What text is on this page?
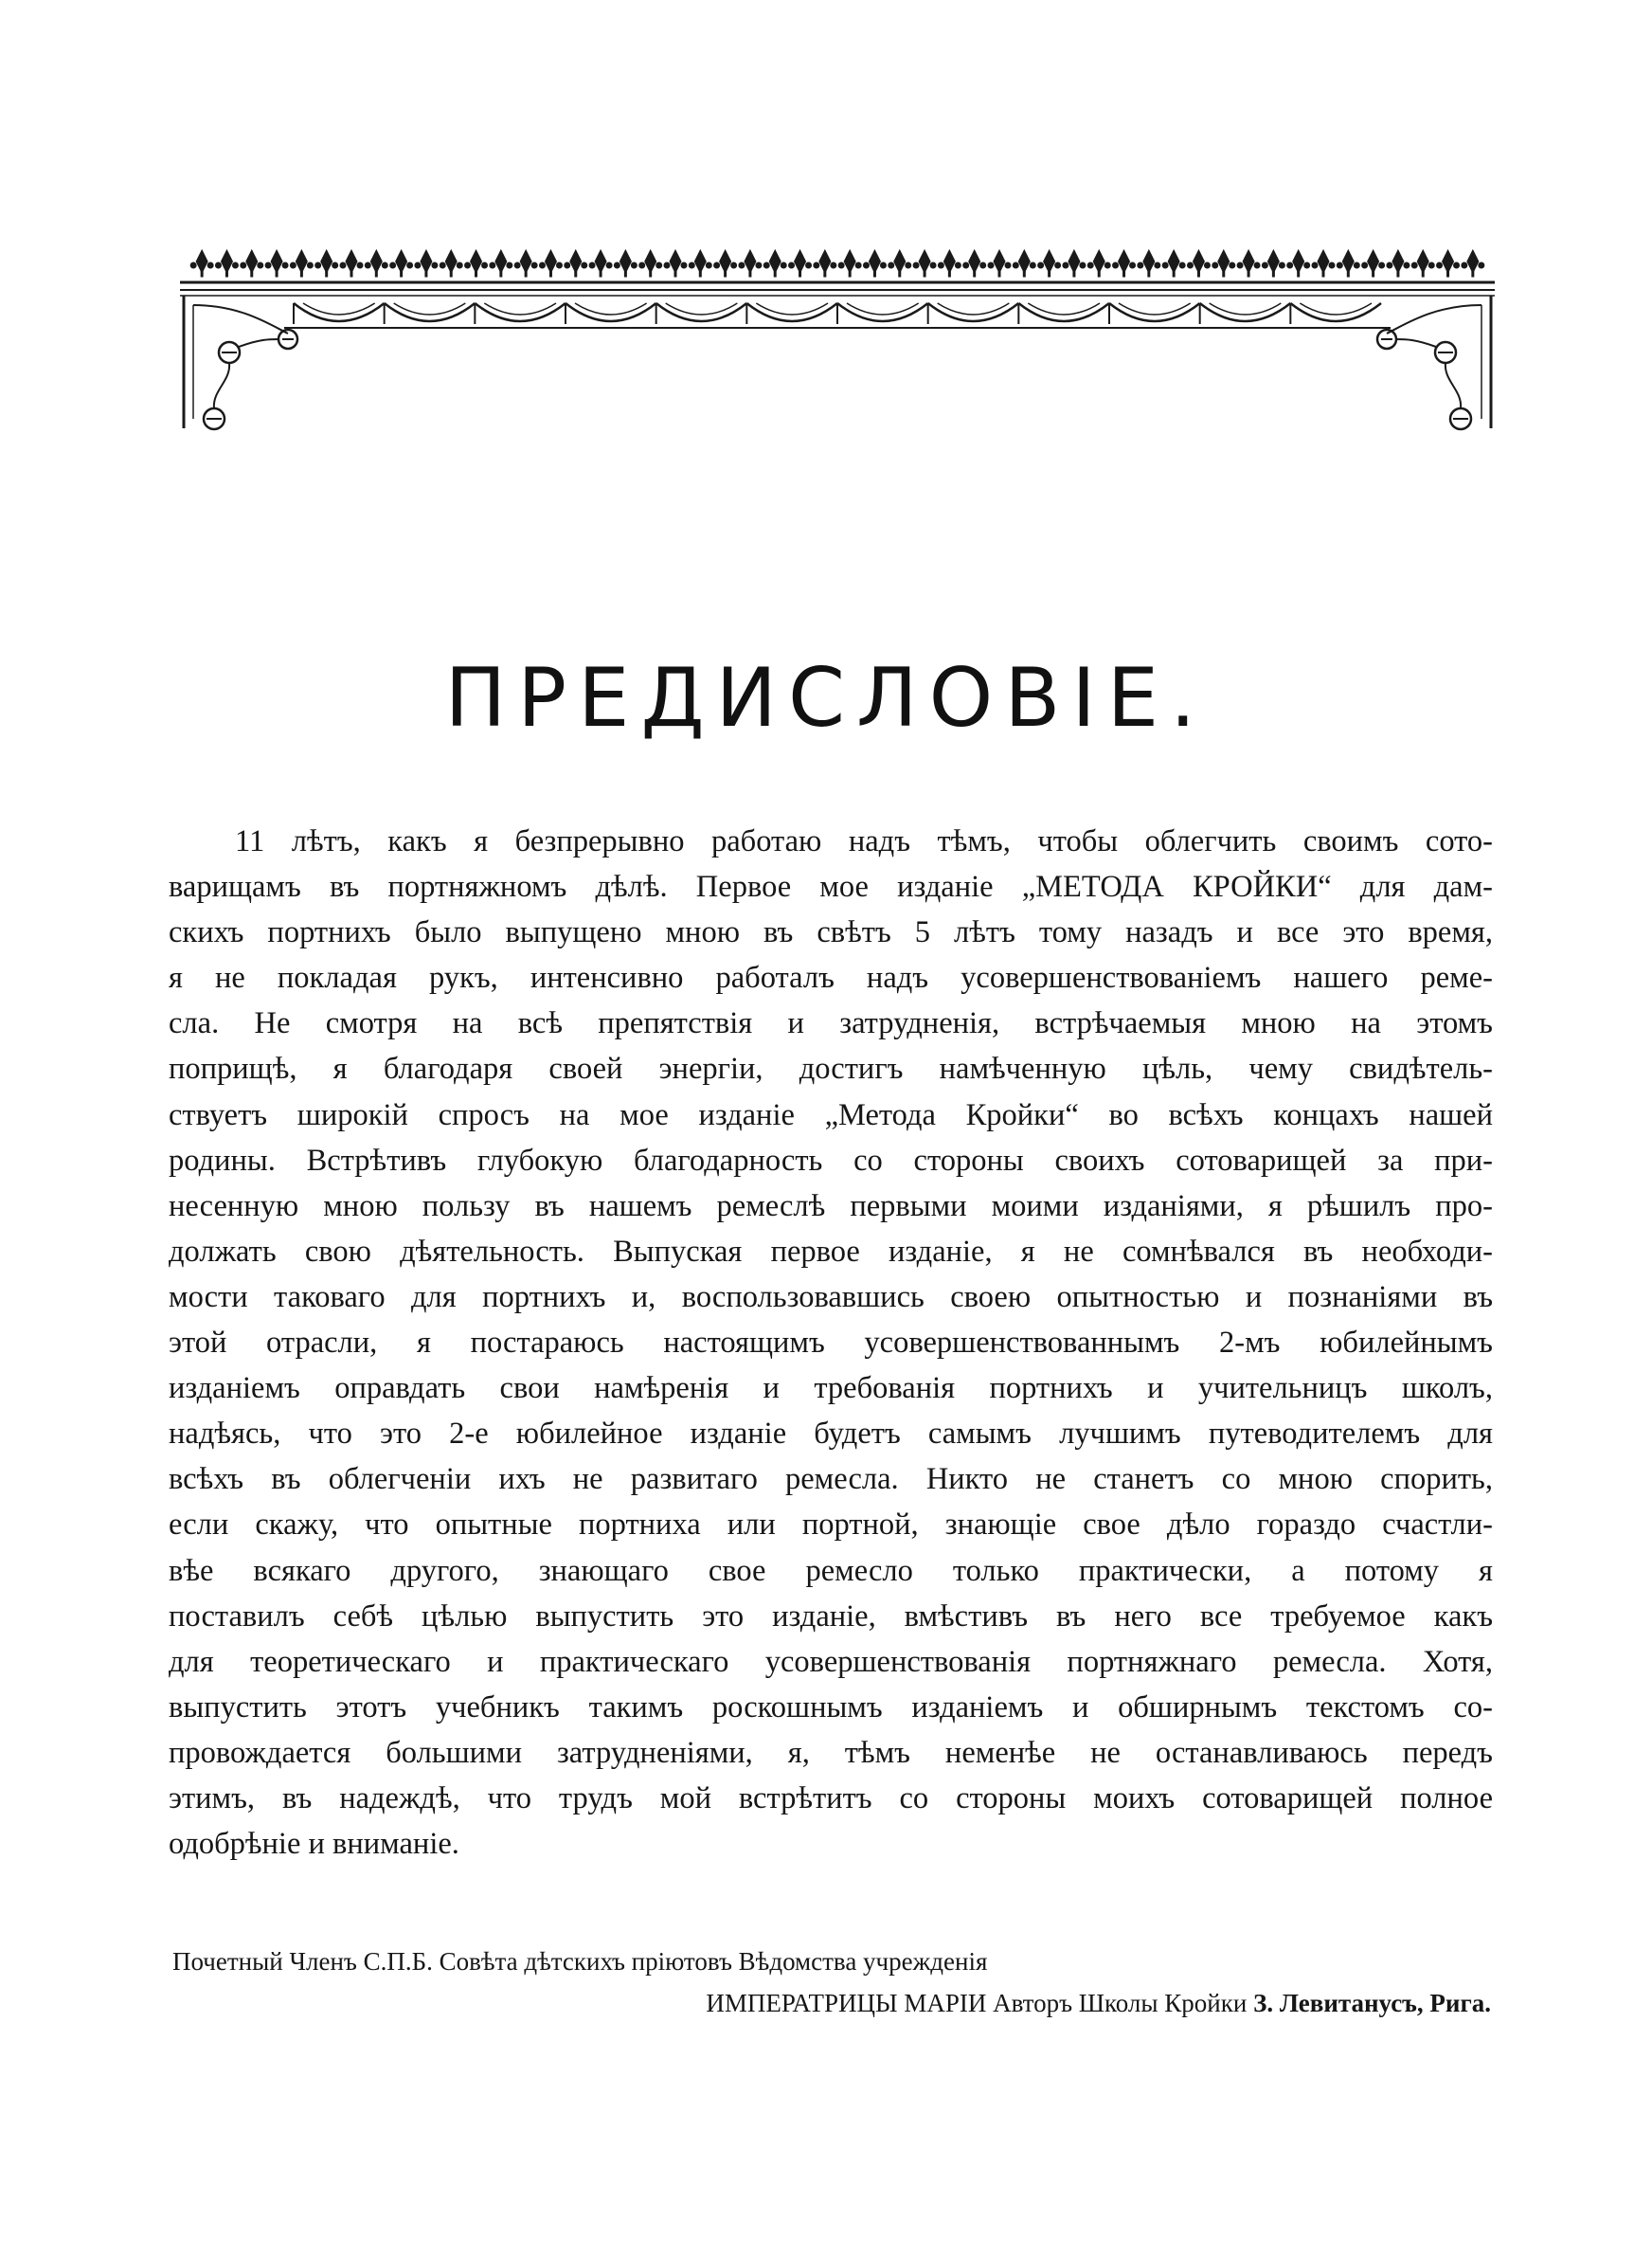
ПРЕДИСЛОВІЕ.
11 лѣтъ, какъ я безпрерывно работаю надъ тѣмъ, чтобы облегчить своимъ сото-
варищамъ въ портняжномъ дѣлѣ. Первое мое изданіе „МЕТОДА КРОЙКИ“ для дам-
скихъ портнихъ было выпущено мною въ свѣтъ 5 лѣтъ тому назадъ и все это время,
я не покладая рукъ, интенсивно работалъ надъ усовершенствованіемъ нашего реме-
сла. Не смотря на всѣ препятствія и затрудненія, встрѣчаемыя мною на этомъ
поприщѣ, я благодаря своей энергіи, достигъ намѣченную цѣль, чему свидѣтель-
ствуетъ широкій спросъ на мое изданіе „Метода Кройки“ во всѣхъ концахъ нашей
родины. Встрѣтивъ глубокую благодарность со стороны своихъ сотоварищей за при-
несенную мною пользу въ нашемъ ремеслѣ первыми моими изданіями, я рѣшилъ про-
должать свою дѣятельность. Выпуская первое изданіе, я не сомнѣвался въ необходи-
мости таковаго для портнихъ и, воспользовавшись своею опытностью и познаніями въ
этой отрасли, я постараюсь настоящимъ усовершенствованнымъ 2-мъ юбилейнымъ
изданіемъ оправдать свои намѣренія и требованія портнихъ и учительницъ школъ,
надѣясь, что это 2-е юбилейное изданіе будетъ самымъ лучшимъ путеводителемъ для
всѣхъ въ облегченіи ихъ не развитаго ремесла. Никто не станетъ со мною спорить,
если скажу, что опытные портниха или портной, знающіе свое дѣло гораздо счастли-
вѣе всякаго другого, знающаго свое ремесло только практически, а потому я
поставилъ себѣ цѣлью выпустить это изданіе, вмѣстивъ въ него все требуемое какъ
для теоретическаго и практическаго усовершенствованія портняжнаго ремесла. Хотя,
выпустить этотъ учебникъ такимъ роскошнымъ изданіемъ и обширнымъ текстомъ со-
провождается большими затрудненіями, я, тѣмъ неменѣе не останавливаюсь передъ
этимъ, въ надеждѣ, что трудъ мой встрѣтитъ со стороны моихъ сотоварищей полное
одобрѣніе и вниманіе.
Почетный Членъ С.П.Б. Совѣта дѣтскихъ пріютовъ Вѣдомства учрежденія
ИМПЕРАТРИЦЫ МАРІИ Авторъ Школы Кройки З. Левитанусъ, Рига.
